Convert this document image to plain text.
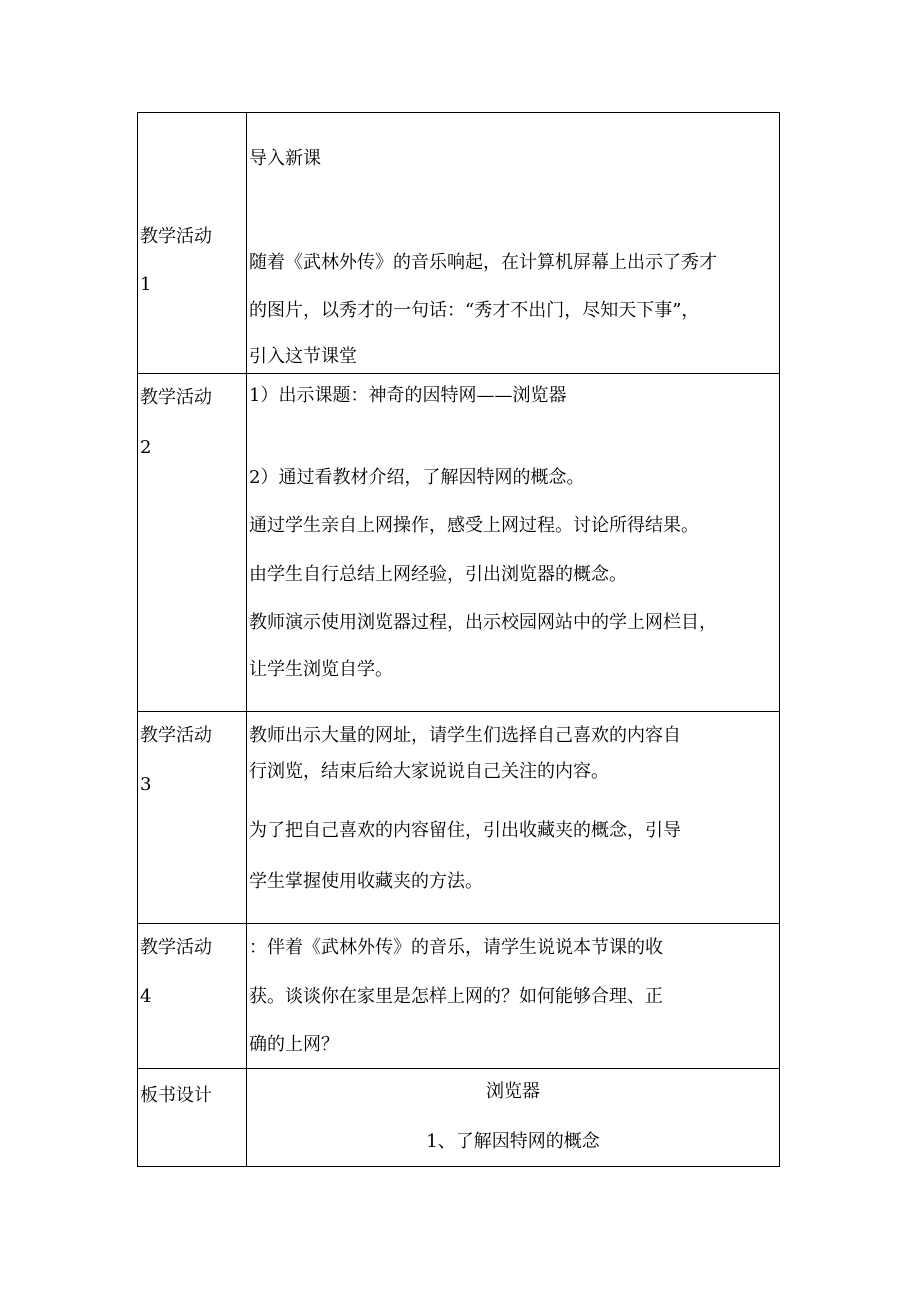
教学活动
1
导入新课
随着《武林外传》的音乐响起，在计算机屏幕上出示了秀才
的图片，以秀才的一句话：“秀才不出门，尽知天下事”，
引入这节课堂
教学活动
2
1）出示课题：神奇的因特网——浏览器
2）通过看教材介绍，了解因特网的概念。
通过学生亲自上网操作，感受上网过程。讨论所得结果。
由学生自行总结上网经验，引出浏览器的概念。
教师演示使用浏览器过程，出示校园网站中的学上网栏目，
让学生浏览自学。
教学活动
3
教师出示大量的网址，请学生们选择自己喜欢的内容自
行浏览，结束后给大家说说自己关注的内容。
为了把自己喜欢的内容留住，引出收藏夹的概念，引导
学生掌握使用收藏夹的方法。
教学活动
4
：伴着《武林外传》的音乐，请学生说说本节课的收
获。谈谈你在家里是怎样上网的？如何能够合理、正
确的上网？
板书设计	浏览器
1、了解因特网的概念
